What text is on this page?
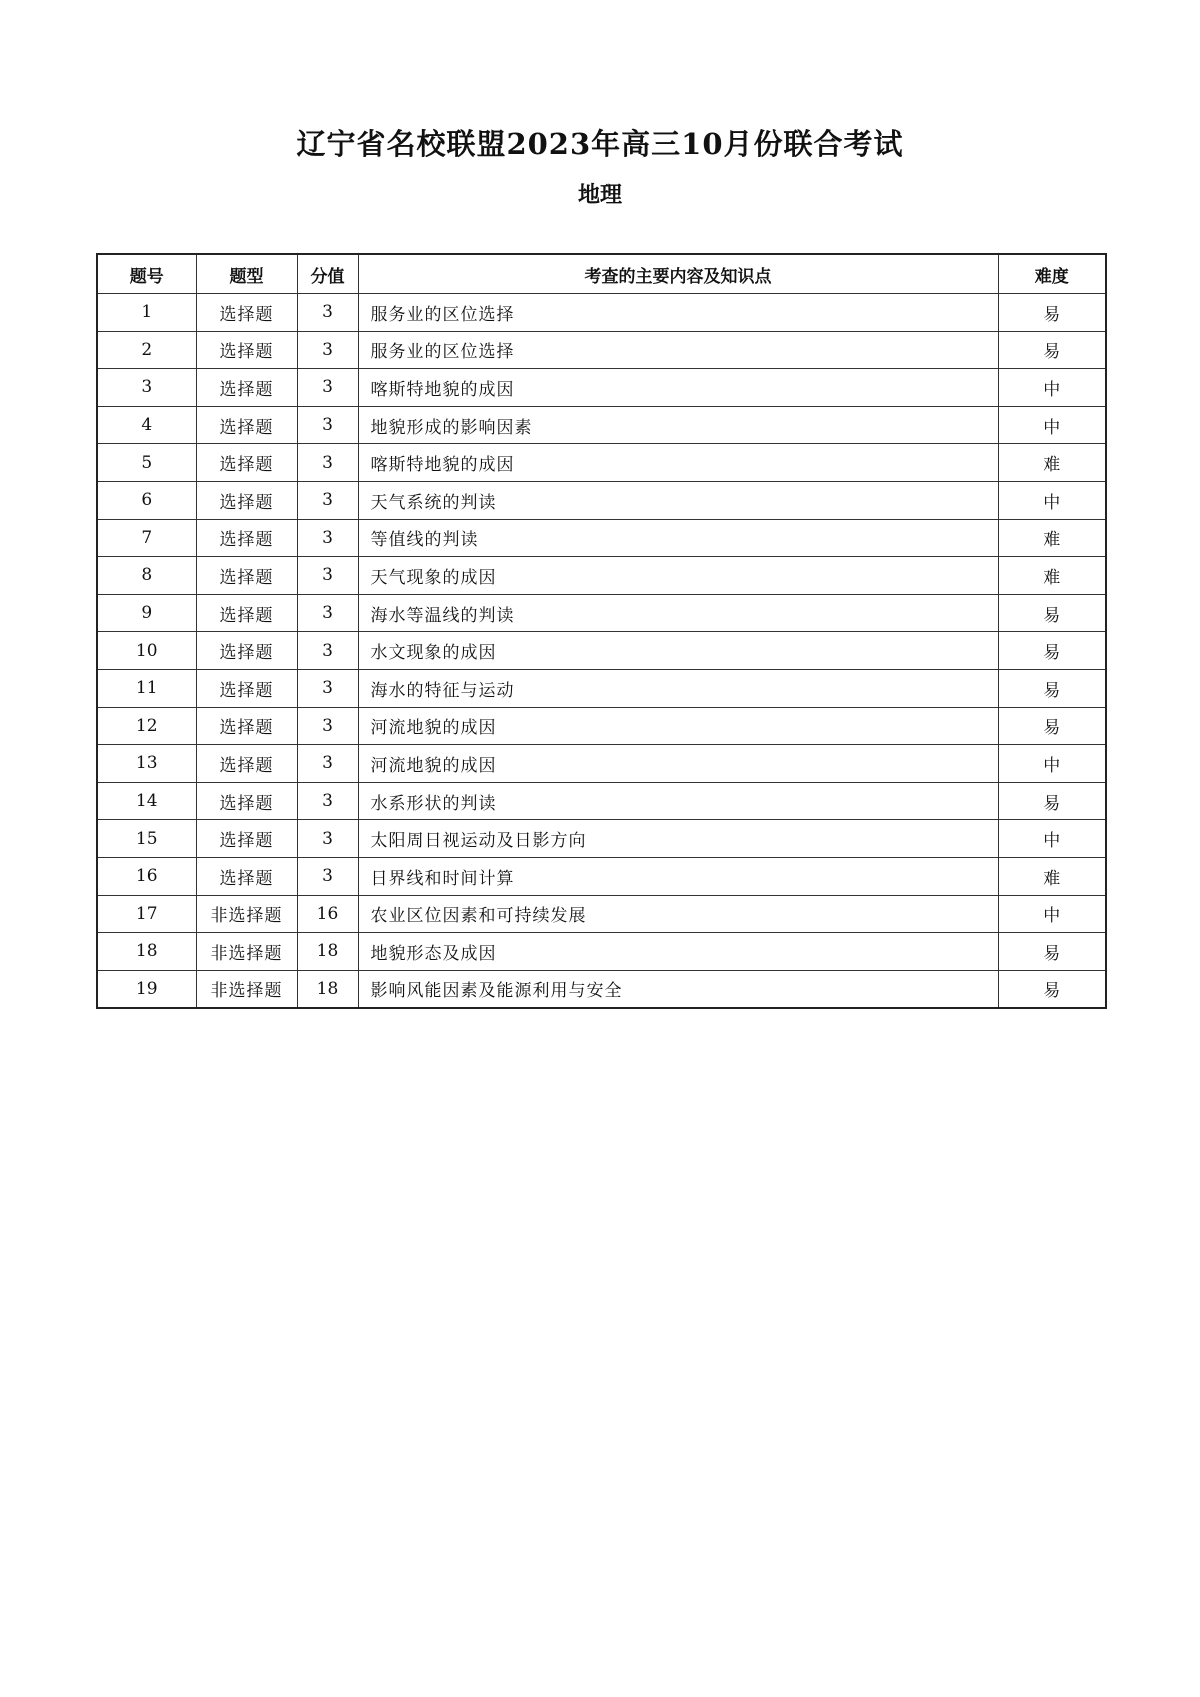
辽宁省名校联盟2023年高三10月份联合考试
地理
题号	题型	分值	考查的主要内容及知识点	难度
1	选择题	3	服务业的区位选择	易
2	选择题	3	服务业的区位选择	易
3	选择题	3	喀斯特地貌的成因	中
4	选择题	3	地貌形成的影响因素	中
5	选择题	3	喀斯特地貌的成因	难
6	选择题	3	天气系统的判读	中
7	选择题	3	等值线的判读	难
8	选择题	3	天气现象的成因	难
9	选择题	3	海水等温线的判读	易
10	选择题	3	水文现象的成因	易
11	选择题	3	海水的特征与运动	易
12	选择题	3	河流地貌的成因	易
13	选择题	3	河流地貌的成因	中
14	选择题	3	水系形状的判读	易
15	选择题	3	太阳周日视运动及日影方向	中
16	选择题	3	日界线和时间计算	难
17	非选择题	16	农业区位因素和可持续发展	中
18	非选择题	18	地貌形态及成因	易
19	非选择题	18	影响风能因素及能源利用与安全	易
